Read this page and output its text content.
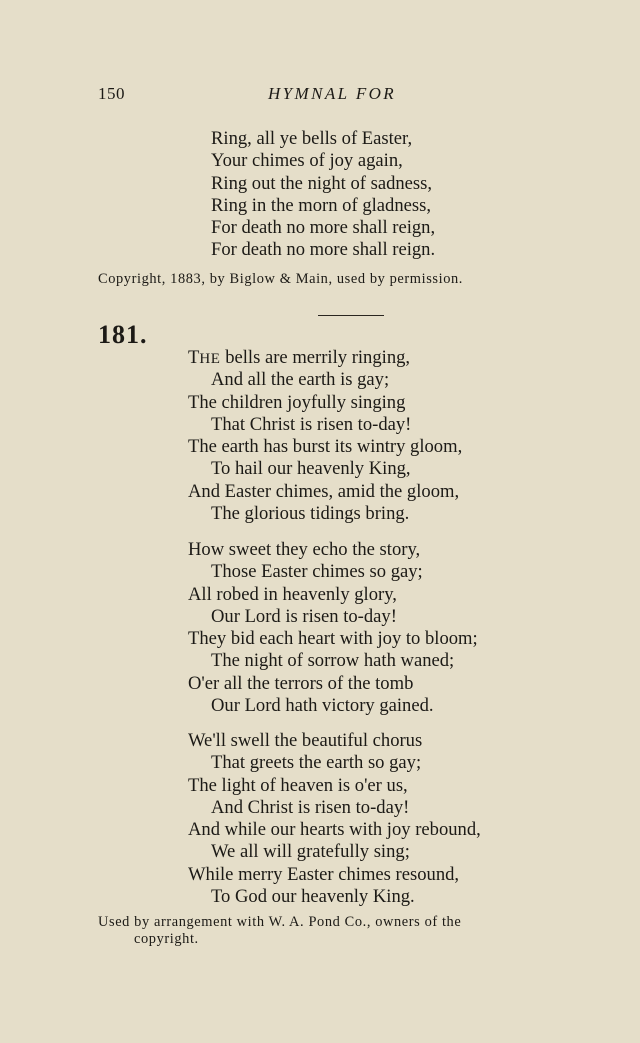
150	HYMNAL FOR
Ring, all ye bells of Easter,
Your chimes of joy again,
Ring out the night of sadness,
Ring in the morn of gladness,
For death no more shall reign,
For death no more shall reign.
Copyright, 1883, by Biglow & Main, used by permission.
181.
THE bells are merrily ringing,
And all the earth is gay;
The children joyfully singing
That Christ is risen to-day!
The earth has burst its wintry gloom,
To hail our heavenly King,
And Easter chimes, amid the gloom,
The glorious tidings bring.
How sweet they echo the story,
Those Easter chimes so gay;
All robed in heavenly glory,
Our Lord is risen to-day!
They bid each heart with joy to bloom;
The night of sorrow hath waned;
O'er all the terrors of the tomb
Our Lord hath victory gained.
We'll swell the beautiful chorus
That greets the earth so gay;
The light of heaven is o'er us,
And Christ is risen to-day!
And while our hearts with joy rebound,
We all will gratefully sing;
While merry Easter chimes resound,
To God our heavenly King.
Used by arrangement with W. A. Pond Co., owners of the
copyright.
